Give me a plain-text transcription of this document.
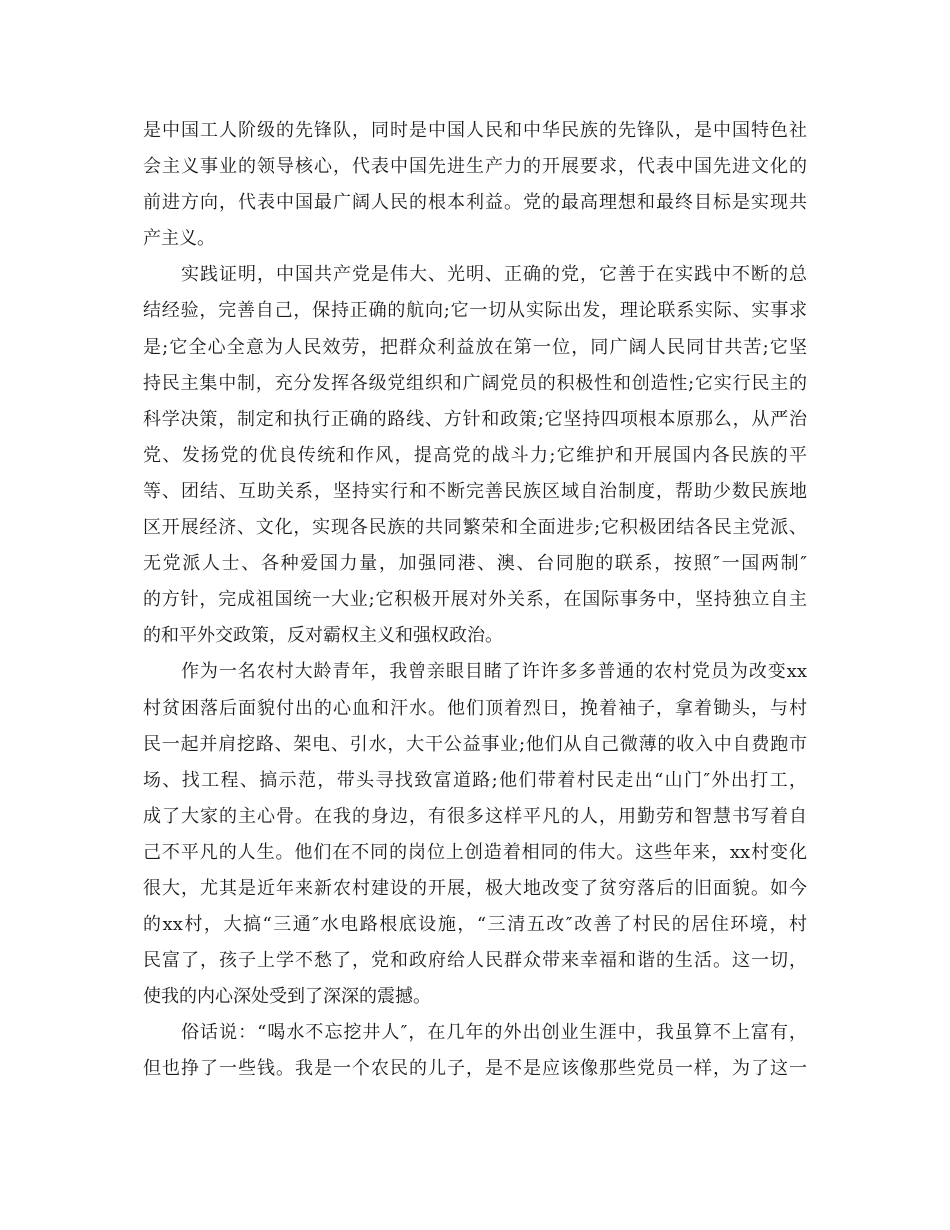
是中国工人阶级的先锋队，同时是中国人民和中华民族的先锋队，是中国特色社
会主义事业的领导核心，代表中国先进生产力的开展要求，代表中国先进文化的
前进方向，代表中国最广阔人民的根本利益。党的最高理想和最终目标是实现共
产主义。
实践证明，中国共产党是伟大、光明、正确的党，它善于在实践中不断的总
结经验，完善自己，保持正确的航向;它一切从实际出发，理论联系实际、实事求
是;它全心全意为人民效劳，把群众利益放在第一位，同广阔人民同甘共苦;它坚
持民主集中制，充分发挥各级党组织和广阔党员的积极性和创造性;它实行民主的
科学决策，制定和执行正确的路线、方针和政策;它坚持四项根本原那么，从严治
党、发扬党的优良传统和作风，提高党的战斗力;它维护和开展国内各民族的平
等、团结、互助关系，坚持实行和不断完善民族区域自治制度，帮助少数民族地
区开展经济、文化，实现各民族的共同繁荣和全面进步;它积极团结各民主党派、
无党派人士、各种爱国力量，加强同港、澳、台同胞的联系，按照″一国两制″
的方针，完成祖国统一大业;它积极开展对外关系，在国际事务中，坚持独立自主
的和平外交政策，反对霸权主义和强权政治。
作为一名农村大龄青年，我曾亲眼目睹了许许多多普通的农村党员为改变xx
村贫困落后面貌付出的心血和汗水。他们顶着烈日，挽着袖子，拿着锄头，与村
民一起并肩挖路、架电、引水，大干公益事业;他们从自己微薄的收入中自费跑市
场、找工程、搞示范，带头寻找致富道路;他们带着村民走出“山门″外出打工，
成了大家的主心骨。在我的身边，有很多这样平凡的人，用勤劳和智慧书写着自
己不平凡的人生。他们在不同的岗位上创造着相同的伟大。这些年来，xx村变化
很大，尤其是近年来新农村建设的开展，极大地改变了贫穷落后的旧面貌。如今
的xx村，大搞“三通″水电路根底设施，“三清五改″改善了村民的居住环境，村
民富了，孩子上学不愁了，党和政府给人民群众带来幸福和谐的生活。这一切，
使我的内心深处受到了深深的震撼。
俗话说：“喝水不忘挖井人″，在几年的外出创业生涯中，我虽算不上富有，
但也挣了一些钱。我是一个农民的儿子，是不是应该像那些党员一样，为了这一
